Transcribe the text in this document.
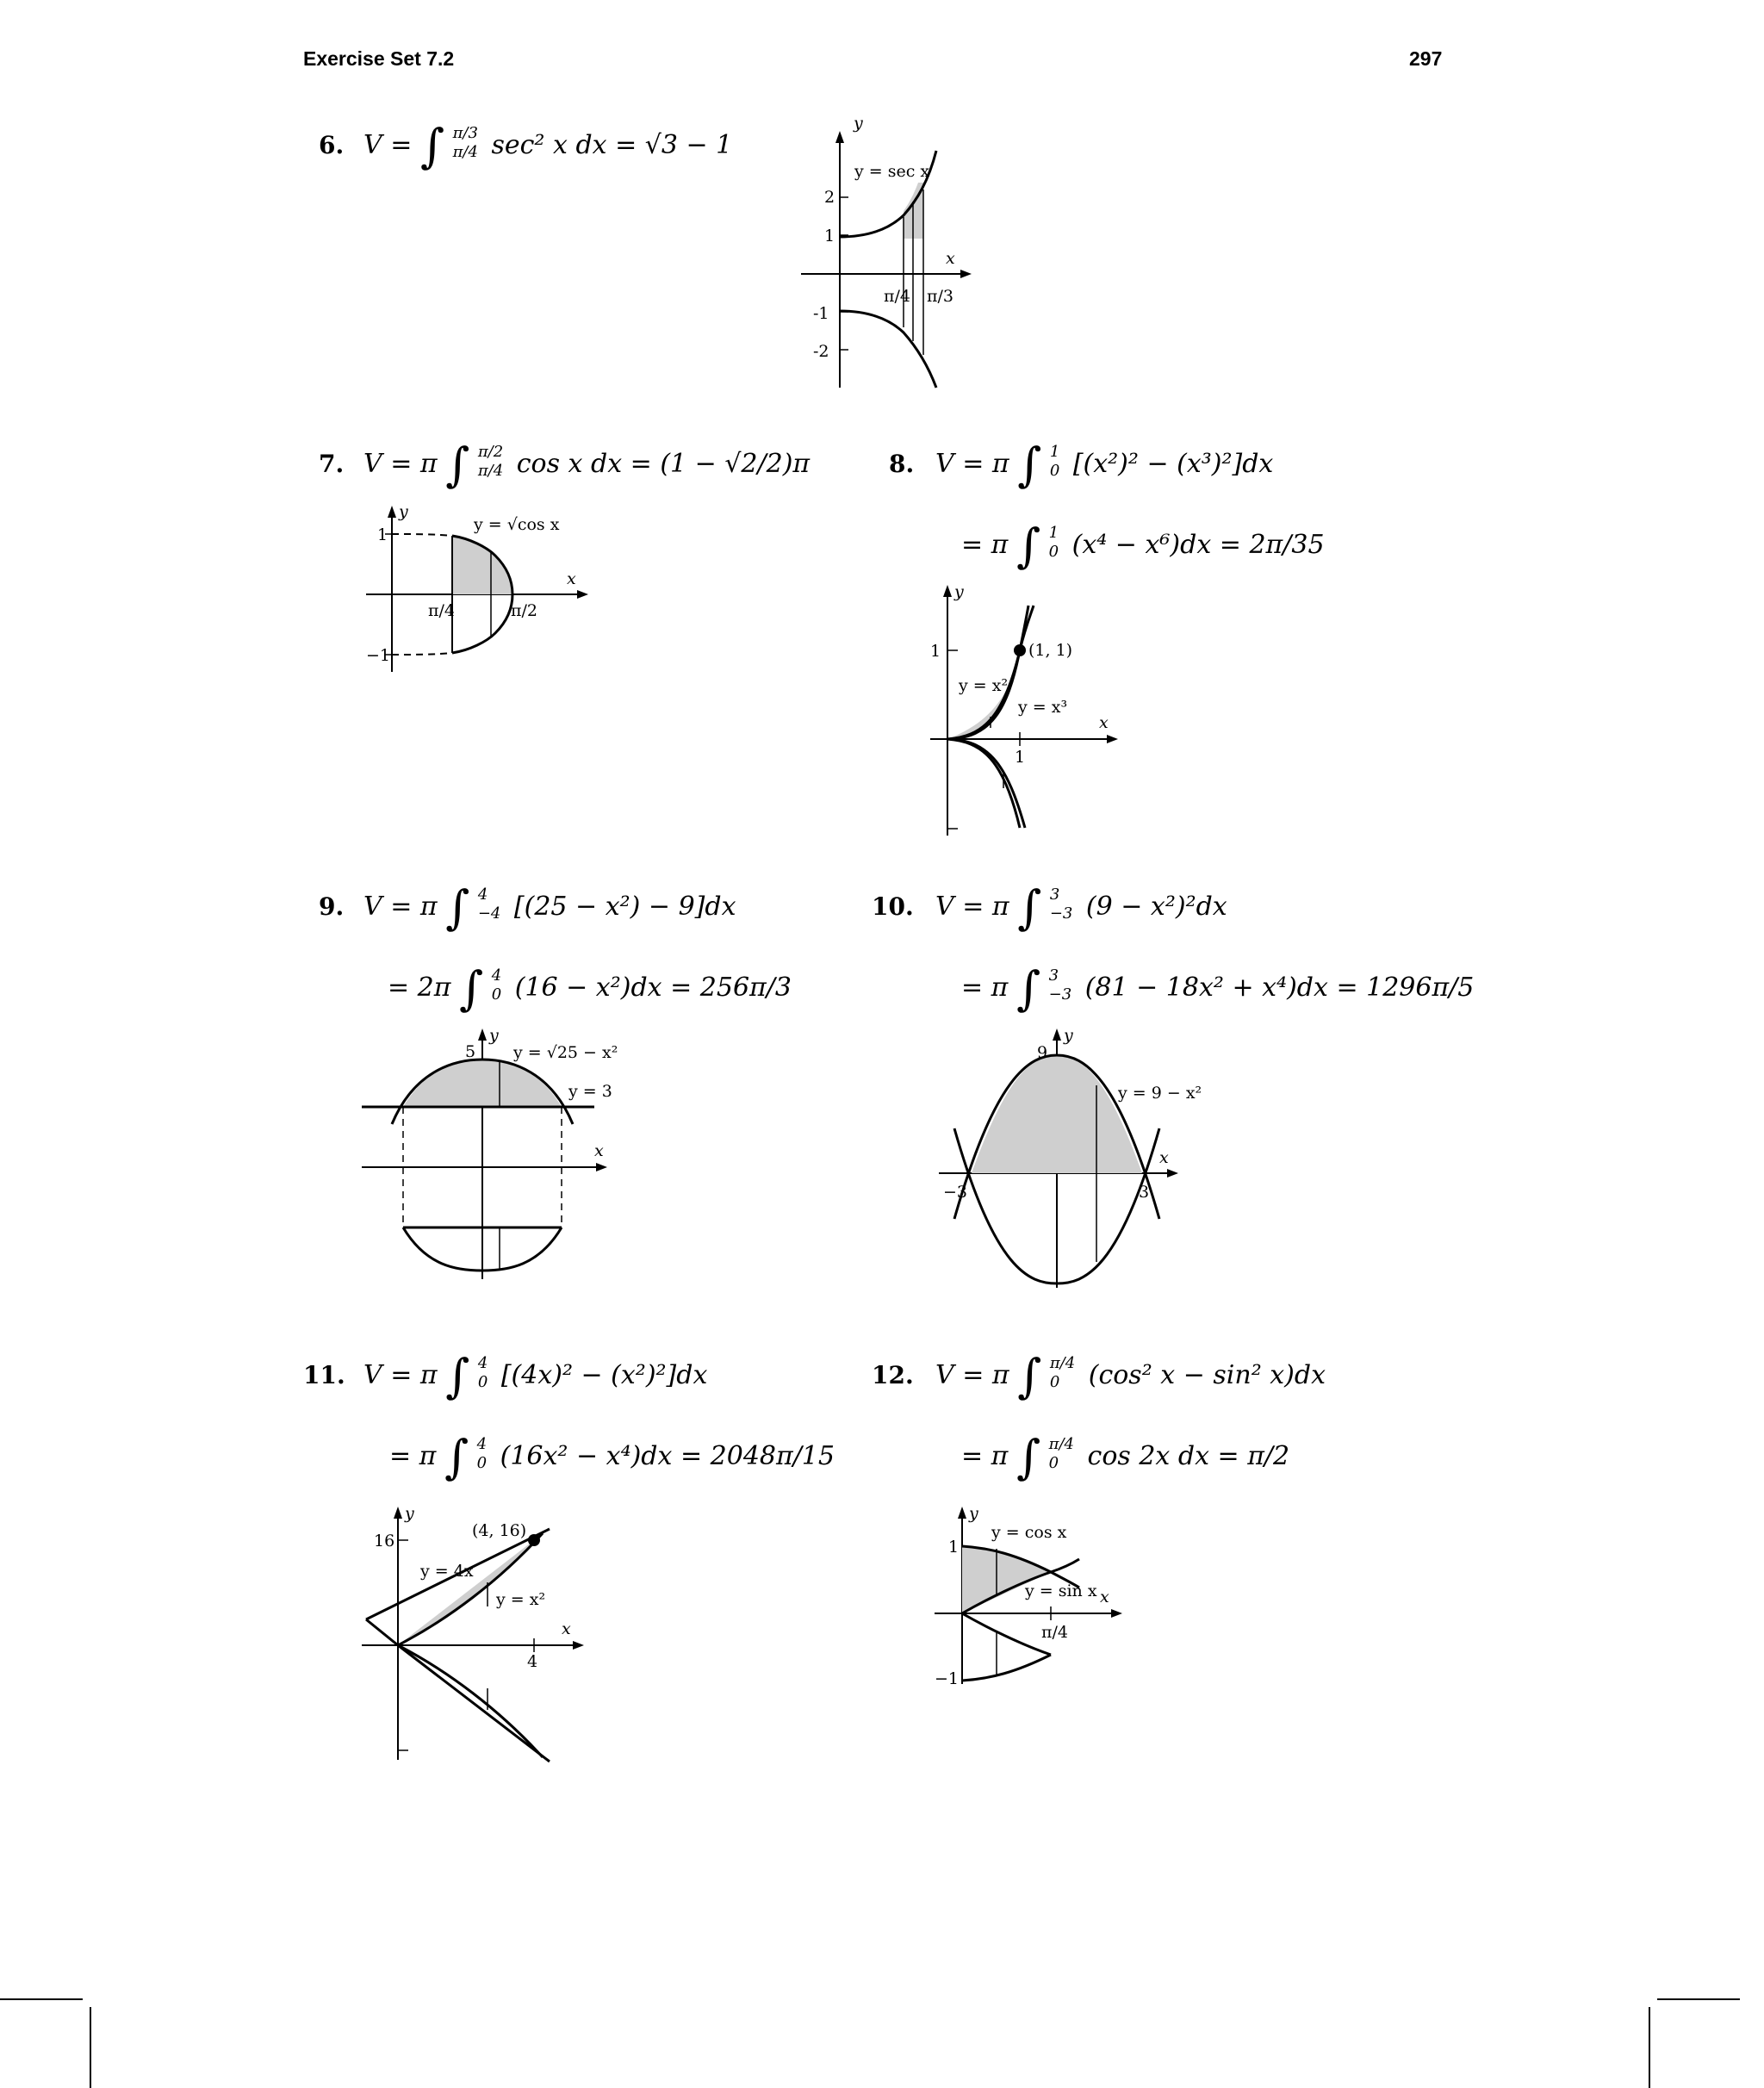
Exercise Set 7.2	297
6. V = ∫ π/3
π/4 sec² x dx = √3 − 1
y
x
y = sec x
2
1
-1
-2
π/4 π/3
7. V = π ∫ π/2
π/4 cos x dx = (1 − √2/2)π
y
x
y = √cos x
1
−1
π/4	π/2
8. V = π ∫ 1
0 [(x²)² − (x³)²]dx
= π ∫ 1
0 (x⁴ − x⁶)dx = 2π/35
y
x
1
1
(1, 1)
y = x²
y = x³
9. V = π ∫ 4
−4 [(25 − x²) − 9]dx
= 2π ∫ 4
0 (16 − x²)dx = 256π/3
y
x
5 y = √25 − x²
y = 3
10. V = π ∫ 3
−3 (9 − x²)²dx
= π ∫ 3
−3 (81 − 18x² + x⁴)dx = 1296π/5
y
x
9
−3	3
y = 9 − x²
11. V = π ∫ 4
0 [(4x)² − (x²)²]dx
= π ∫ 4
0 (16x² − x⁴)dx = 2048π/15
y
x
16
4
(4, 16)
y = 4x
y = x²
12. V = π ∫ π/4
0	(cos² x − sin² x)dx
= π ∫ π/4
0	cos 2x dx = π/2
y
x
1
−1
π/4
y = cos x
y = sin x
